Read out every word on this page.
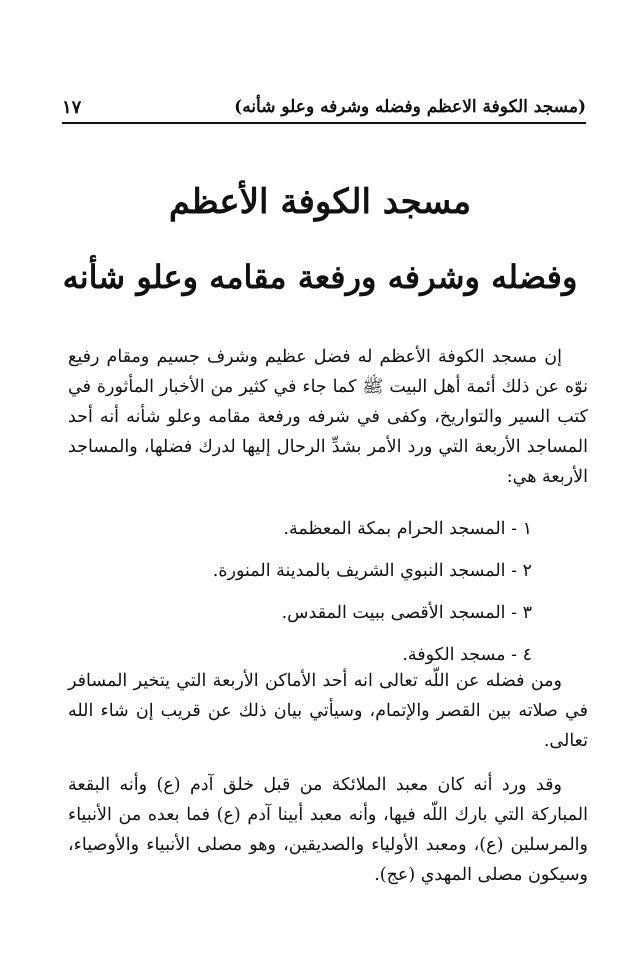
(مسجد الكوفة الاعظم وفضله وشرفه وعلو شأنه)
١٧
مسجد الكوفة الأعظم
وفضله وشرفه ورفعة مقامه وعلو شأنه

إن مسجد الكوفة الأعظم له فضل عظيم وشرف جسيم ومقام رفيع نوّه عن ذلك أئمة أهل البيت ﷺ كما جاء في كثير من الأخبار المأثورة في كتب السير والتواريخ، وكفى في شرفه ورفعة مقامه وعلو شأنه أنه أحد المساجد الأربعة التي ورد الأمر بشدِّ الرحال إليها لدرك فضلها، والمساجد الأربعة هي:

١ - المسجد الحرام بمكة المعظمة.

٢ - المسجد النبوي الشريف بالمدينة المنورة.

٣ - المسجد الأقصى ببيت المقدس.

٤ - مسجد الكوفة.

ومن فضله عن اللّه تعالى انه أحد الأماكن الأربعة التي يتخير المسافر في صلاته بين القصر والإتمام، وسيأتي بيان ذلك عن قريب إن شاء الله تعالى.

وقد ورد أنه كان معبد الملائكة من قبل خلق آدم (ع) وأنه البقعة المباركة التي بارك اللّه فيها، وأنه معبد أبينا آدم (ع) فما بعده من الأنبياء والمرسلين (ع)، ومعبد الأولياء والصديقين، وهو مصلى الأنبياء والأوصياء، وسيكون مصلى المهدي (عج).
